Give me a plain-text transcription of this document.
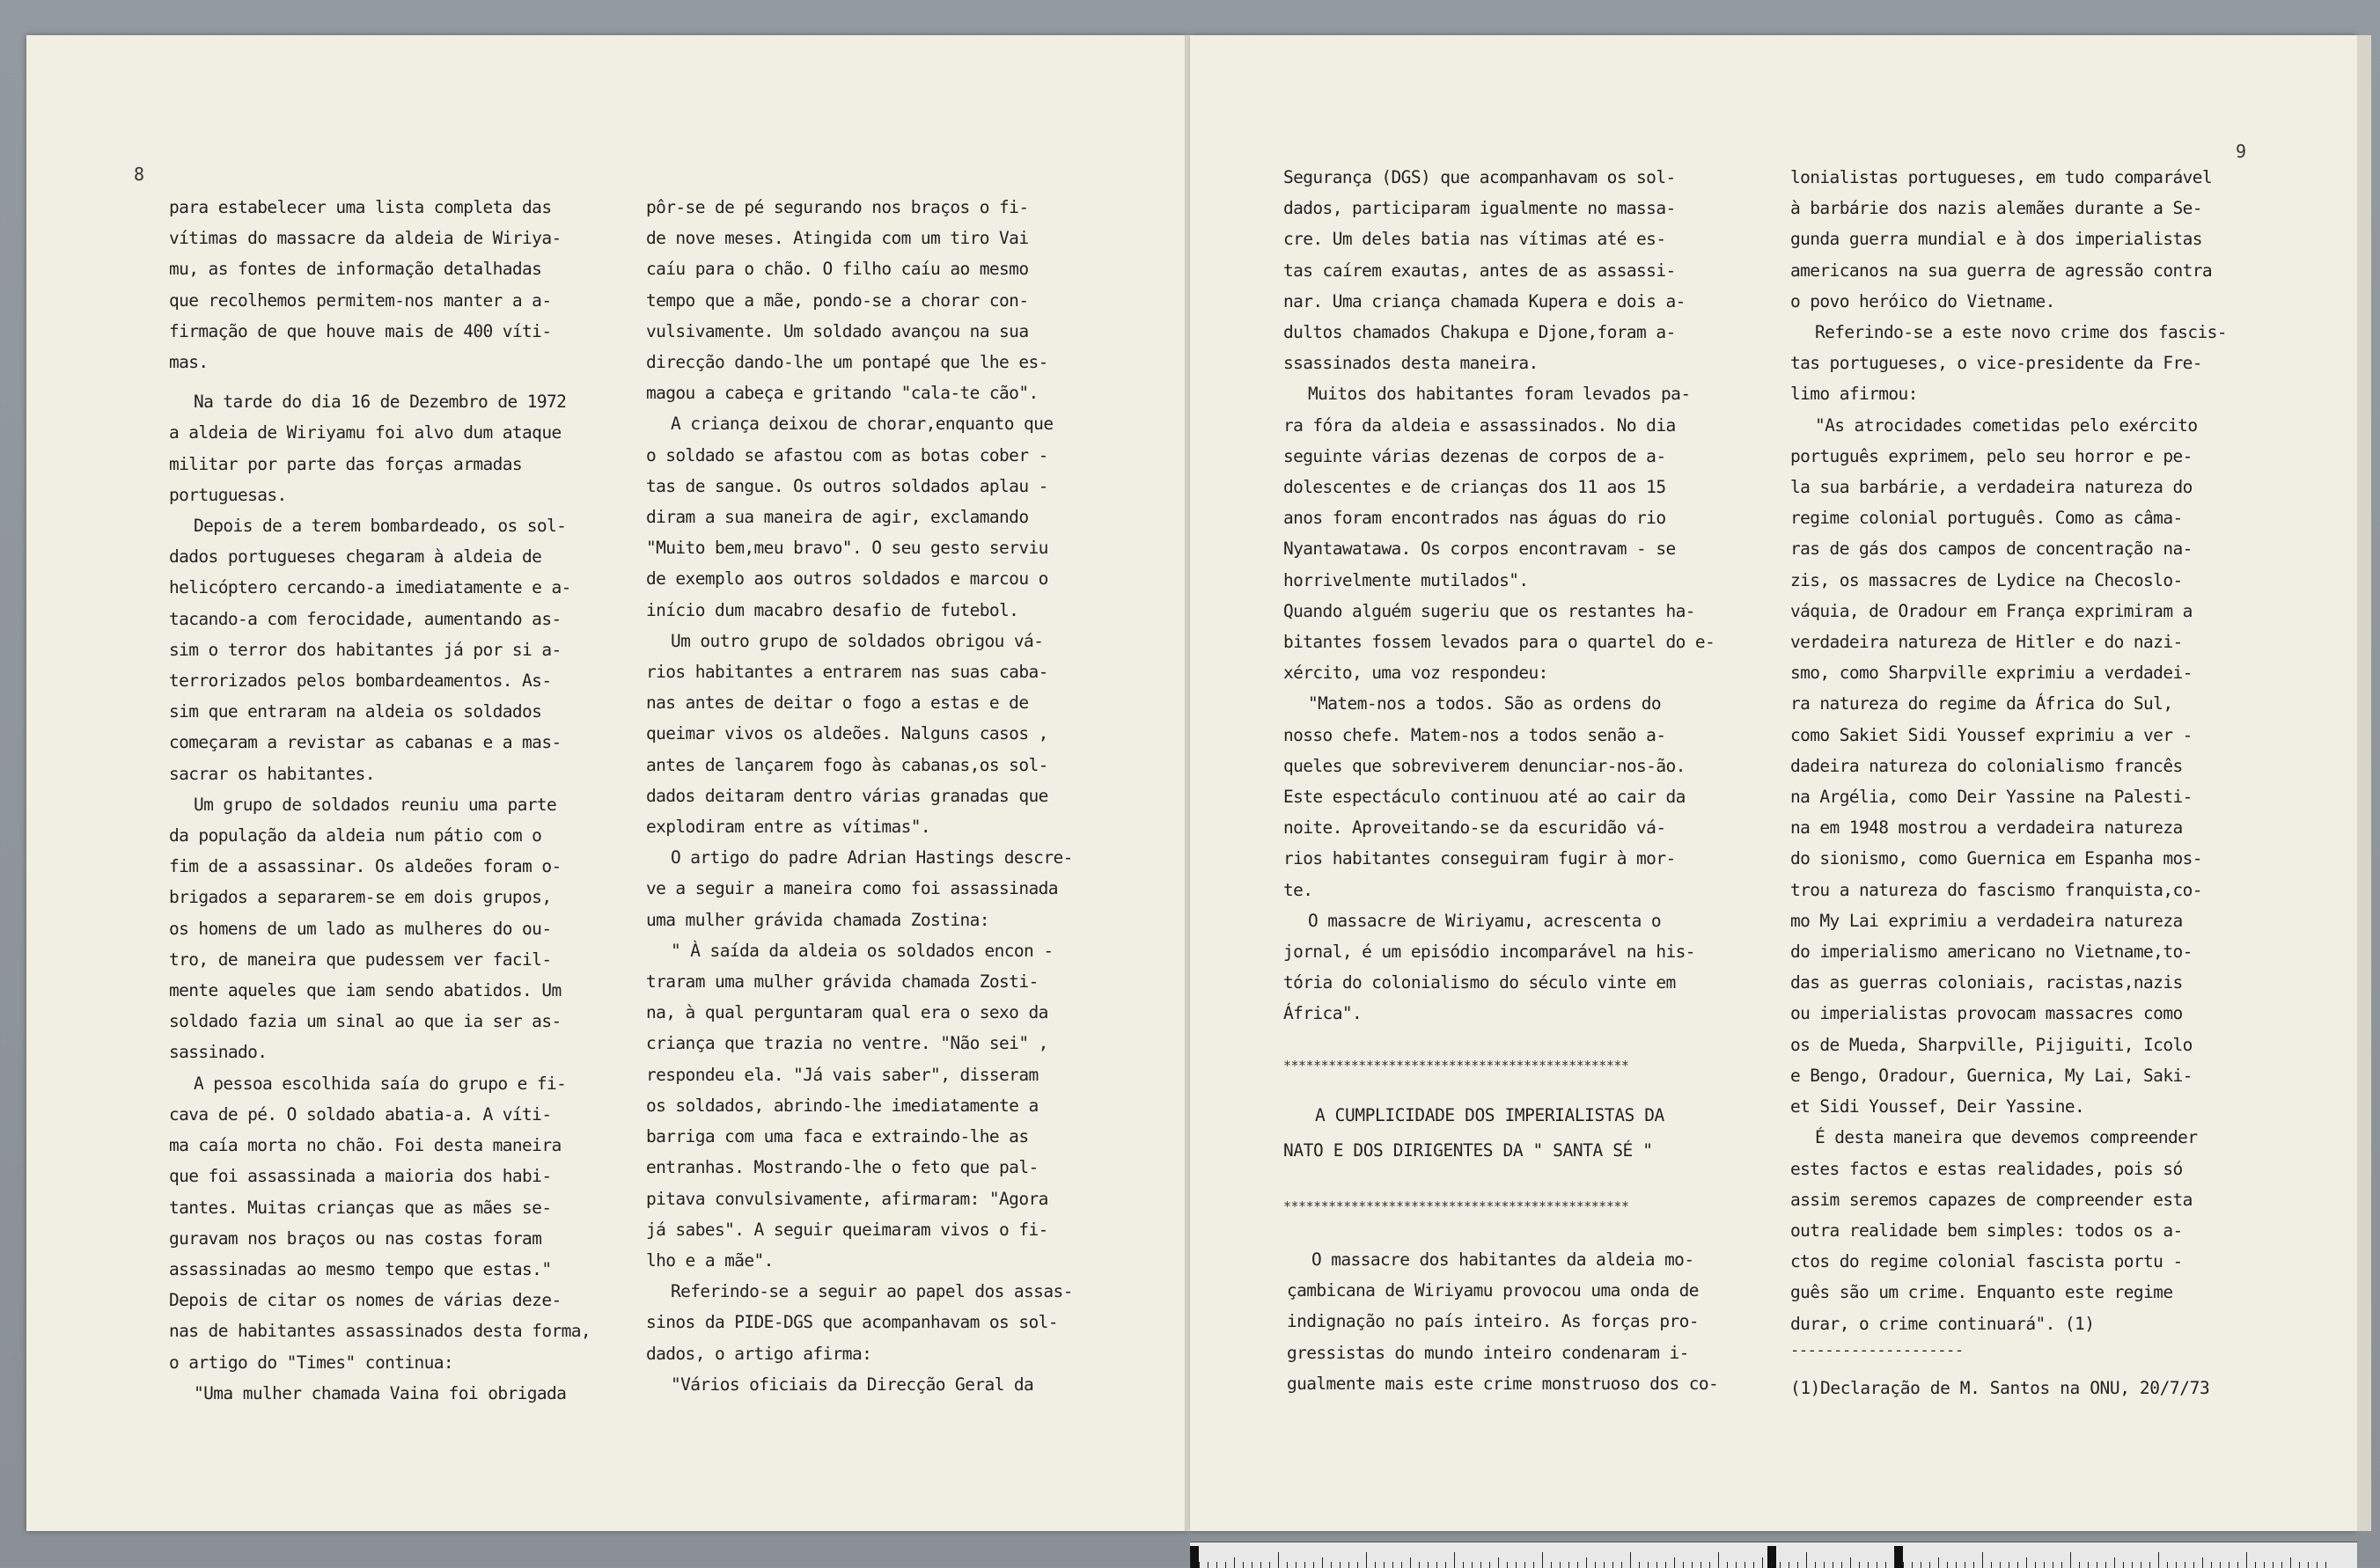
8

para estabelecer uma lista completa das

vítimas do massacre da aldeia de Wiriya-

mu, as fontes de informação detalhadas

que recolhemos permitem-nos manter a a-

firmação de que houve mais de 400 víti-

mas.

Na tarde do dia 16 de Dezembro de 1972

a aldeia de Wiriyamu foi alvo dum ataque

militar por parte das forças armadas

portuguesas.

Depois de a terem bombardeado, os sol-

dados portugueses chegaram à aldeia de

helicóptero cercando-a imediatamente e a-

tacando-a com ferocidade, aumentando as-

sim o terror dos habitantes já por si a-

terrorizados pelos bombardeamentos. As-

sim que entraram na aldeia os soldados

começaram a revistar as cabanas e a mas-

sacrar os habitantes.

Um grupo de soldados reuniu uma parte

da população da aldeia num pátio com o

fim de a assassinar. Os aldeões foram o-

brigados a separarem-se em dois grupos,

os homens de um lado as mulheres do ou-

tro, de maneira que pudessem ver facil-

mente aqueles que iam sendo abatidos. Um

soldado fazia um sinal ao que ia ser as-

sassinado.

A pessoa escolhida saía do grupo e fi-

cava de pé. O soldado abatia-a. A víti-

ma caía morta no chão. Foi desta maneira

que foi assassinada a maioria dos habi-

tantes. Muitas crianças que as mães se-

guravam nos braços ou nas costas foram

assassinadas ao mesmo tempo que estas."

Depois de citar os nomes de várias deze-

nas de habitantes assassinados desta forma,

o artigo do "Times" continua:

"Uma mulher chamada Vaina foi obrigada

pôr-se de pé segurando nos braços o fi-

de nove meses. Atingida com um tiro Vai

caíu para o chão. O filho caíu ao mesmo

tempo que a mãe, pondo-se a chorar con-

vulsivamente. Um soldado avançou na sua

direcção dando-lhe um pontapé que lhe es-

magou a cabeça e gritando "cala-te cão".

A criança deixou de chorar,enquanto que

o soldado se afastou com as botas cober -

tas de sangue. Os outros soldados aplau -

diram a sua maneira de agir, exclamando

"Muito bem,meu bravo". O seu gesto serviu

de exemplo aos outros soldados e marcou o

início dum macabro desafio de futebol.

Um outro grupo de soldados obrigou vá-

rios habitantes a entrarem nas suas caba-

nas antes de deitar o fogo a estas e de

queimar vivos os aldeões. Nalguns casos ,

antes de lançarem fogo às cabanas,os sol-

dados deitaram dentro várias granadas que

explodiram entre as vítimas".

O artigo do padre Adrian Hastings descre-

ve a seguir a maneira como foi assassinada

uma mulher grávida chamada Zostina:

" À saída da aldeia os soldados encon -

traram uma mulher grávida chamada Zosti-

na, à qual perguntaram qual era o sexo da

criança que trazia no ventre. "Não sei" ,

respondeu ela. "Já vais saber", disseram

os soldados, abrindo-lhe imediatamente a

barriga com uma faca e extraindo-lhe as

entranhas. Mostrando-lhe o feto que pal-

pitava convulsivamente, afirmaram: "Agora

já sabes". A seguir queimaram vivos o fi-

lho e a mãe".

Referindo-se a seguir ao papel dos assas-

sinos da PIDE-DGS que acompanhavam os sol-

dados, o artigo afirma:

"Vários oficiais da Direcção Geral da

9

Segurança (DGS) que acompanhavam os sol-

dados, participaram igualmente no massa-

cre. Um deles batia nas vítimas até es-

tas caírem exautas, antes de as assassi-

nar. Uma criança chamada Kupera e dois a-

dultos chamados Chakupa e Djone,foram a-

ssassinados desta maneira.

Muitos dos habitantes foram levados pa-

ra fóra da aldeia e assassinados. No dia

seguinte várias dezenas de corpos de a-

dolescentes e de crianças dos 11 aos 15

anos foram encontrados nas águas do rio

Nyantawatawa. Os corpos encontravam - se

horrivelmente mutilados".

Quando alguém sugeriu que os restantes ha-

bitantes fossem levados para o quartel do e-

xército, uma voz respondeu:

"Matem-nos a todos. São as ordens do

nosso chefe. Matem-nos a todos senão a-

queles que sobreviverem denunciar-nos-ão.

Este espectáculo continuou até ao cair da

noite. Aproveitando-se da escuridão vá-

rios habitantes conseguiram fugir à mor-

te.

O massacre de Wiriyamu, acrescenta o

jornal, é um episódio incomparável na his-

tória do colonialismo do século vinte em

África".

**********************************************
A CUMPLICIDADE DOS IMPERIALISTAS DA
NATO E DOS DIRIGENTES DA " SANTA SÉ "
**********************************************

O massacre dos habitantes da aldeia mo-

çambicana de Wiriyamu provocou uma onda de

indignação no país inteiro. As forças pro-

gressistas do mundo inteiro condenaram i-

gualmente mais este crime monstruoso dos co-

lonialistas portugueses, em tudo comparável

à barbárie dos nazis alemães durante a Se-

gunda guerra mundial e à dos imperialistas

americanos na sua guerra de agressão contra

o povo heróico do Vietname.

Referindo-se a este novo crime dos fascis-

tas portugueses, o vice-presidente da Fre-

limo afirmou:

"As atrocidades cometidas pelo exército

português exprimem, pelo seu horror e pe-

la sua barbárie, a verdadeira natureza do

regime colonial português. Como as câma-

ras de gás dos campos de concentração na-

zis, os massacres de Lydice na Checoslo-

váquia, de Oradour em França exprimiram a

verdadeira natureza de Hitler e do nazi-

smo, como Sharpville exprimiu a verdadei-

ra natureza do regime da África do Sul,

como Sakiet Sidi Youssef exprimiu a ver -

dadeira natureza do colonialismo francês

na Argélia, como Deir Yassine na Palesti-

na em 1948 mostrou a verdadeira natureza

do sionismo, como Guernica em Espanha mos-

trou a natureza do fascismo franquista,co-

mo My Lai exprimiu a verdadeira natureza

do imperialismo americano no Vietname,to-

das as guerras coloniais, racistas,nazis

ou imperialistas provocam massacres como

os de Mueda, Sharpville, Pijiguiti, Icolo

e Bengo, Oradour, Guernica, My Lai, Saki-

et Sidi Youssef, Deir Yassine.

É desta maneira que devemos compreender

estes factos e estas realidades, pois só

assim seremos capazes de compreender esta

outra realidade bem simples: todos os a-

ctos do regime colonial fascista portu -

guês são um crime. Enquanto este regime

durar, o crime continuará". (1)

--------------------
(1)Declaração de M. Santos na ONU, 20/7/73
